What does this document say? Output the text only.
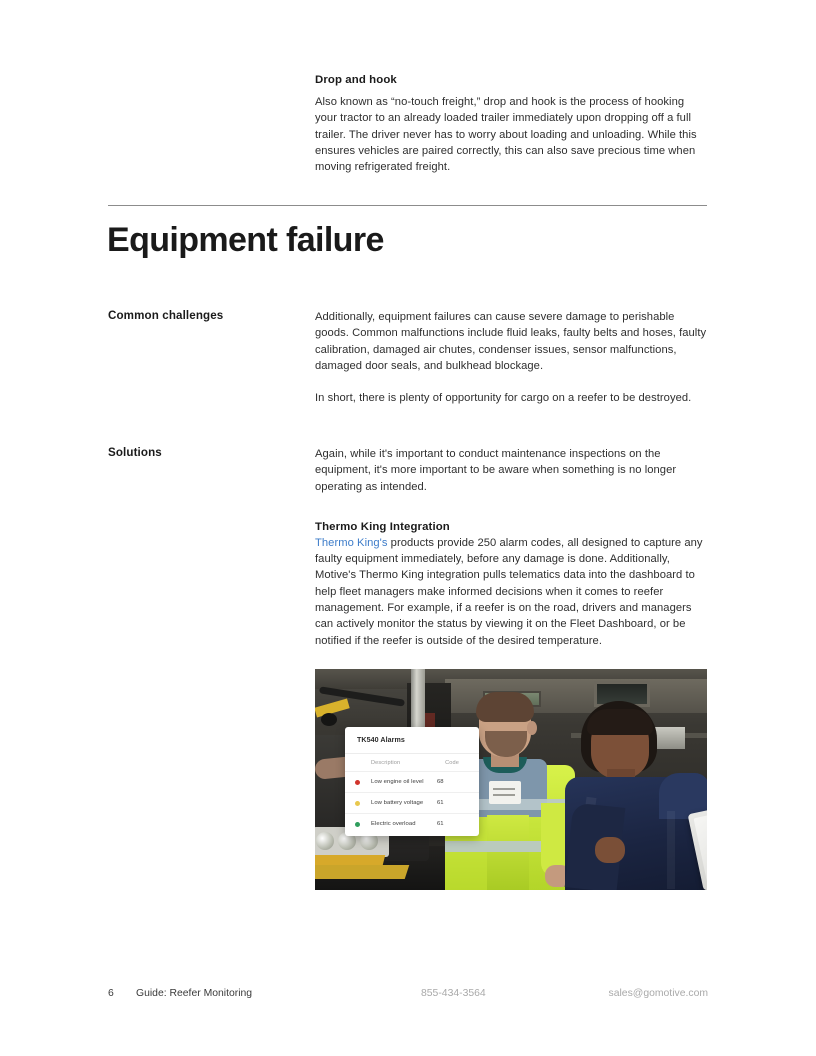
Drop and hook

Also known as “no-touch freight,” drop and hook is the process of hooking your tractor to an already loaded trailer immediately upon dropping off a full trailer. The driver never has to worry about loading and unloading. While this ensures vehicles are paired correctly, this can also save precious time when moving refrigerated freight.

Equipment failure
Common challenges	Additionally, equipment failures can cause severe damage to perishable goods. Common malfunctions include fluid leaks, faulty belts and hoses, faulty calibration, damaged air chutes, condenser issues, sensor malfunctions, damaged door seals, and bulkhead blockage.

In short, there is plenty of opportunity for cargo on a reefer to be destroyed.

Solutions	Again, while it's important to conduct maintenance inspections on the equipment, it's more important to be aware when something is no longer operating as intended.

Thermo King Integration

Thermo King's products provide 250 alarm codes, all designed to capture any faulty equipment immediately, before any damage is done. Additionally, Motive's Thermo King integration pulls telematics data into the dashboard to help fleet managers make informed decisions when it comes to reefer management. For example, if a reefer is on the road, drivers and managers can actively monitor the status by viewing it on the Fleet Dashboard, or be notified if the reefer is outside of the desired temperature.

TK540 Alarms
Description	Code
Low engine oil level	68
Low battery voltage	61
Electric overload	61
6 Guide: Reefer Monitoring	855-434-3564	sales@gomotive.com
